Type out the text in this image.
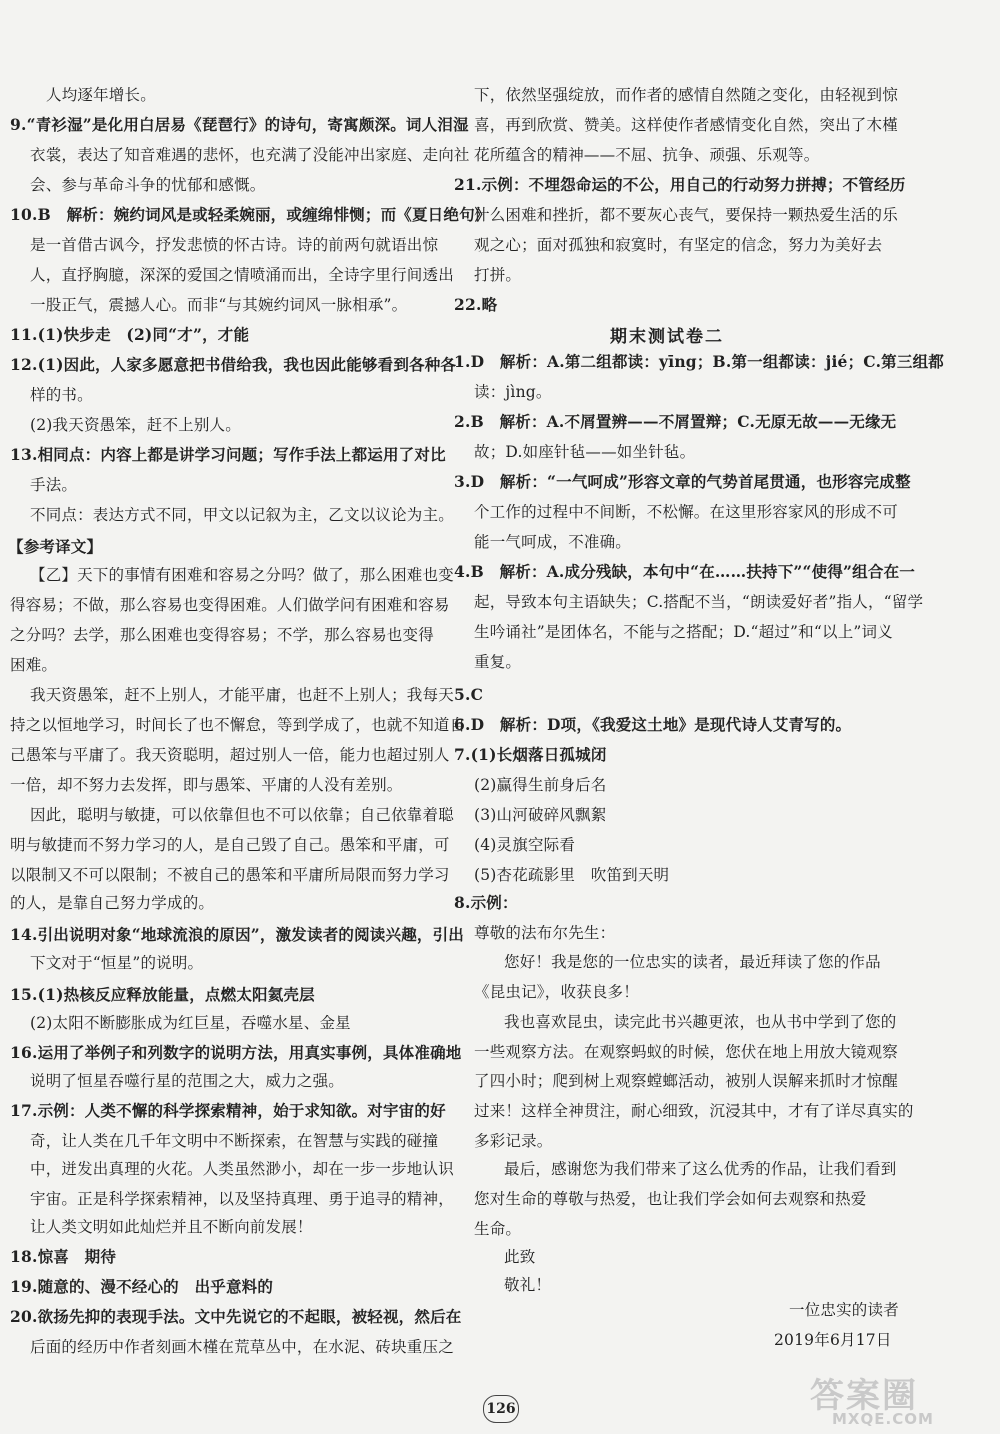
人均逐年增长。
9.“青衫湿”是化用白居易《琵琶行》的诗句，寄寓颇深。词人泪湿
衣裳，表达了知音难遇的悲怀，也充满了没能冲出家庭、走向社
会、参与革命斗争的忧郁和感慨。
10.B　解析：婉约词风是或轻柔婉丽，或缠绵悱恻；而《夏日绝句》
是一首借古讽今，抒发悲愤的怀古诗。诗的前两句就语出惊
人，直抒胸臆，深深的爱国之情喷涌而出，全诗字里行间透出
一股正气，震撼人心。而非“与其婉约词风一脉相承”。
11.(1)快步走　(2)同“才”，才能
12.(1)因此，人家多愿意把书借给我，我也因此能够看到各种各
样的书。
(2)我天资愚笨，赶不上别人。
13.相同点：内容上都是讲学习问题；写作手法上都运用了对比
手法。
不同点：表达方式不同，甲文以记叙为主，乙文以议论为主。
【参考译文】
【乙】天下的事情有困难和容易之分吗？做了，那么困难也变
得容易；不做，那么容易也变得困难。人们做学问有困难和容易
之分吗？去学，那么困难也变得容易；不学，那么容易也变得
困难。
我天资愚笨，赶不上别人，才能平庸，也赶不上别人；我每天
持之以恒地学习，时间长了也不懈怠，等到学成了，也就不知道自
己愚笨与平庸了。我天资聪明，超过别人一倍，能力也超过别人
一倍，却不努力去发挥，即与愚笨、平庸的人没有差别。
因此，聪明与敏捷，可以依靠但也不可以依靠；自己依靠着聪
明与敏捷而不努力学习的人，是自己毁了自己。愚笨和平庸，可
以限制又不可以限制；不被自己的愚笨和平庸所局限而努力学习
的人，是靠自己努力学成的。
14.引出说明对象“地球流浪的原因”，激发读者的阅读兴趣，引出
下文对于“恒星”的说明。
15.(1)热核反应释放能量，点燃太阳氦壳层
(2)太阳不断膨胀成为红巨星，吞噬水星、金星
16.运用了举例子和列数字的说明方法，用真实事例，具体准确地
说明了恒星吞噬行星的范围之大，威力之强。
17.示例：人类不懈的科学探索精神，始于求知欲。对宇宙的好
奇，让人类在几千年文明中不断探索，在智慧与实践的碰撞
中，迸发出真理的火花。人类虽然渺小，却在一步一步地认识
宇宙。正是科学探索精神，以及坚持真理、勇于追寻的精神，
让人类文明如此灿烂并且不断向前发展！
18.惊喜　期待
19.随意的、漫不经心的　出乎意料的
20.欲扬先抑的表现手法。文中先说它的不起眼，被轻视，然后在
后面的经历中作者刻画木槿在荒草丛中，在水泥、砖块重压之
下，依然坚强绽放，而作者的感情自然随之变化，由轻视到惊
喜，再到欣赏、赞美。这样使作者感情变化自然，突出了木槿
花所蕴含的精神——不屈、抗争、顽强、乐观等。
21.示例：不埋怨命运的不公，用自己的行动努力拼搏；不管经历
什么困难和挫折，都不要灰心丧气，要保持一颗热爱生活的乐
观之心；面对孤独和寂寞时，有坚定的信念，努力为美好去
打拼。
22.略
期末测试卷二
1.D　解析：A.第二组都读：yīng；B.第一组都读：jié；C.第三组都
读：jìng。
2.B　解析：A.不屑置辨——不屑置辩；C.无原无故——无缘无
故；D.如座针毡——如坐针毡。
3.D　解析：“一气呵成”形容文章的气势首尾贯通，也形容完成整
个工作的过程中不间断，不松懈。在这里形容家风的形成不可
能一气呵成，不准确。
4.B　解析：A.成分残缺，本句中“在……扶持下”“使得”组合在一
起，导致本句主语缺失；C.搭配不当，“朗读爱好者”指人，“留学
生吟诵社”是团体名，不能与之搭配；D.“超过”和“以上”词义
重复。
5.C
6.D　解析：D项，《我爱这土地》是现代诗人艾青写的。
7.(1)长烟落日孤城闭
(2)赢得生前身后名
(3)山河破碎风飘絮
(4)灵旗空际看
(5)杏花疏影里　吹笛到天明
8.示例：
尊敬的法布尔先生：
您好！我是您的一位忠实的读者，最近拜读了您的作品
《昆虫记》，收获良多！
我也喜欢昆虫，读完此书兴趣更浓，也从书中学到了您的
一些观察方法。在观察蚂蚁的时候，您伏在地上用放大镜观察
了四小时；爬到树上观察螳螂活动，被别人误解来抓时才惊醒
过来！这样全神贯注，耐心细致，沉浸其中，才有了详尽真实的
多彩记录。
最后，感谢您为我们带来了这么优秀的作品，让我们看到
您对生命的尊敬与热爱，也让我们学会如何去观察和热爱
生命。
此致
敬礼！
一位忠实的读者
2019年6月17日
126	答案圈
MXQE.COM
